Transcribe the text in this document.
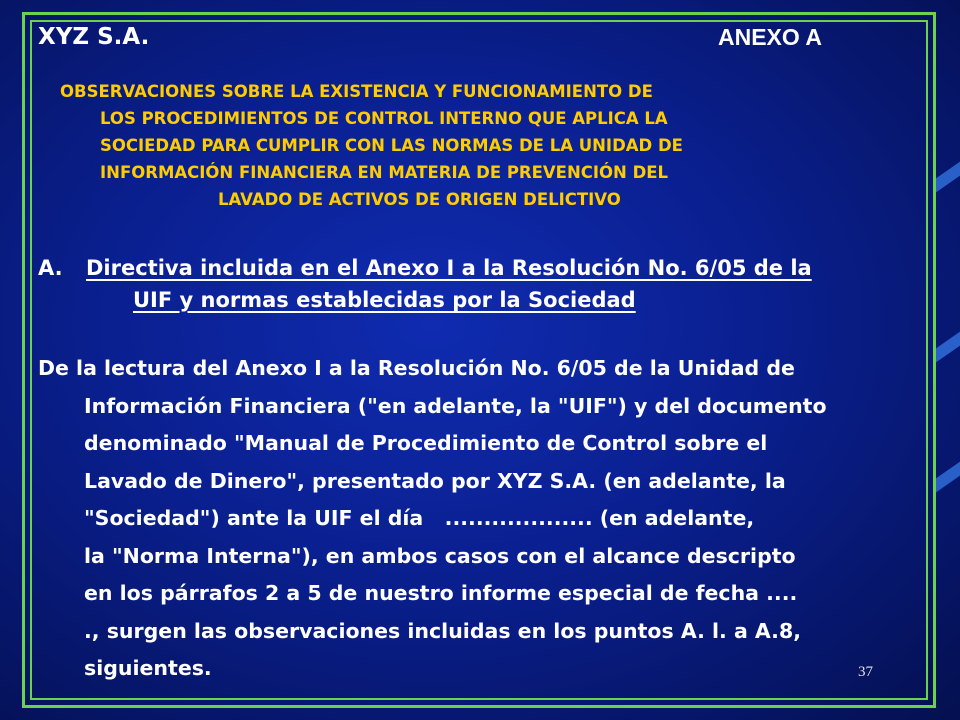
XYZ S.A.	ANEXO A
OBSERVACIONES SOBRE LA EXISTENCIA Y FUNCIONAMIENTO DE
LOS PROCEDIMIENTOS DE CONTROL INTERNO QUE APLICA LA
SOCIEDAD PARA CUMPLIR CON LAS NORMAS DE LA UNIDAD DE
INFORMACIÓN FINANCIERA EN MATERIA DE PREVENCIÓN DEL
LAVADO DE ACTIVOS DE ORIGEN DELICTIVO
A. Directiva incluida en el Anexo I a la Resolución No. 6/05 de la
UIF y normas establecidas por la Sociedad
De la lectura del Anexo I a la Resolución No. 6/05 de la Unidad de
Información Financiera ("en adelante, la "UIF") y del documento
denominado "Manual de Procedimiento de Control sobre el
Lavado de Dinero", presentado por XYZ S.A. (en adelante, la
"Sociedad") ante la UIF el día   ................... (en adelante,
la "Norma Interna"), en ambos casos con el alcance descripto
en los párrafos 2 a 5 de nuestro informe especial de fecha ....
., surgen las observaciones incluidas en los puntos A. l. a A.8,
siguientes.	37
